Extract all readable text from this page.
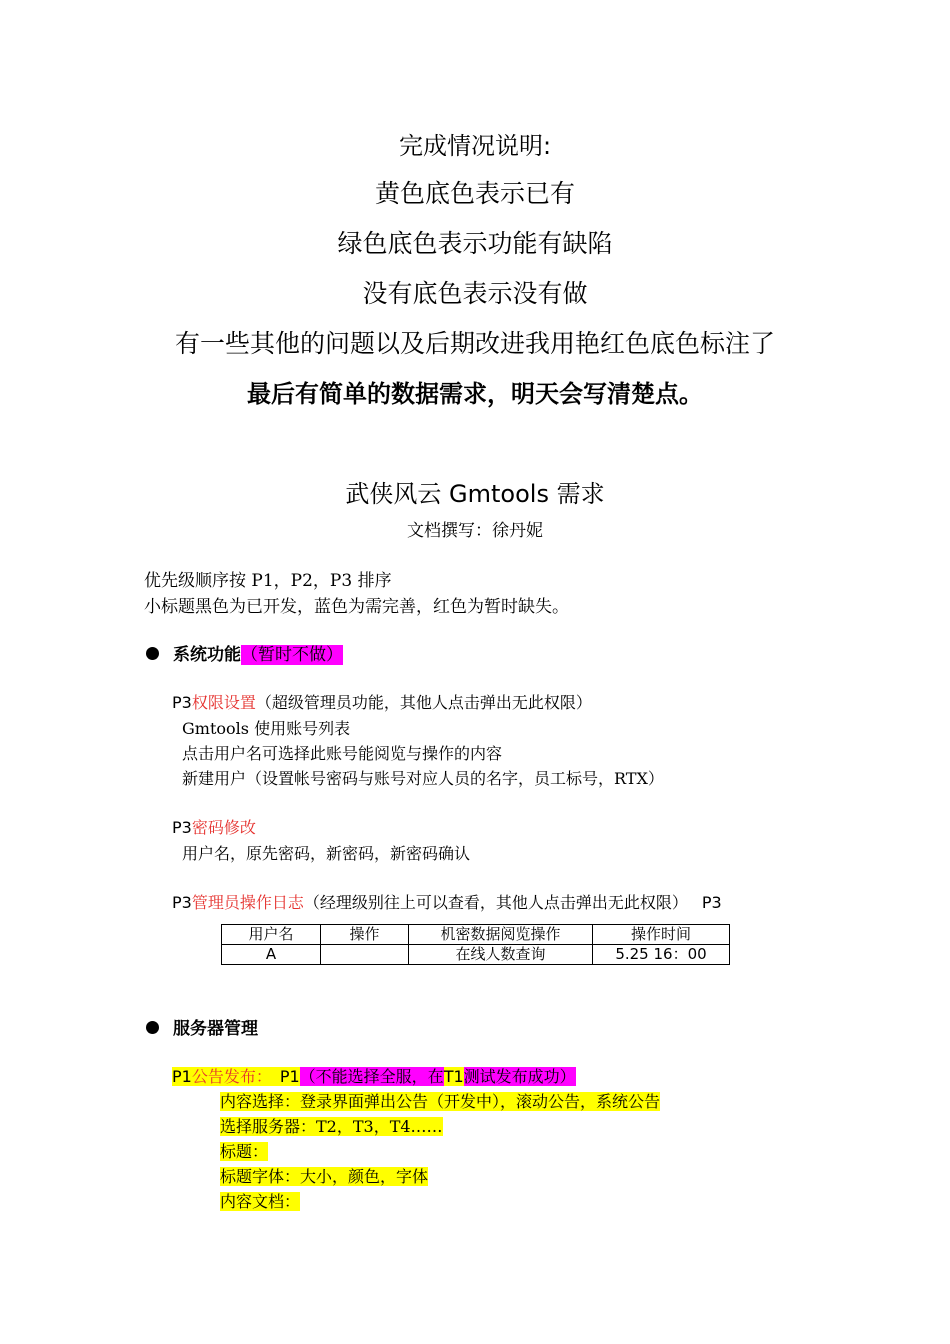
完成情况说明:
黄色底色表示已有
绿色底色表示功能有缺陷
没有底色表示没有做
有一些其他的问题以及后期改进我用艳红色底色标注了
最后有简单的数据需求，明天会写清楚点。
武侠风云 Gmtools 需求
文档撰写：徐丹妮
优先级顺序按 P1，P2，P3 排序
小标题黑色为已开发，蓝色为需完善，红色为暂时缺失。
系统功能（暂时不做）
P3权限设置（超级管理员功能，其他人点击弹出无此权限）
Gmtools 使用账号列表
点击用户名可选择此账号能阅览与操作的内容
新建用户（设置帐号密码与账号对应人员的名字，员工标号，RTX）
P3密码修改
用户名，原先密码，新密码，新密码确认
P3管理员操作日志（经理级别往上可以查看，其他人点击弹出无此权限） P3
用户名	操作	机密数据阅览操作	操作时间
A		在线人数查询	5.25 16：00
服务器管理
P1公告发布： P1（不能选择全服，在T1测试发布成功）
内容选择：登录界面弹出公告（开发中），滚动公告，系统公告
选择服务器：T2，T3，T4……
标题：
标题字体：大小，颜色，字体
内容文档：
